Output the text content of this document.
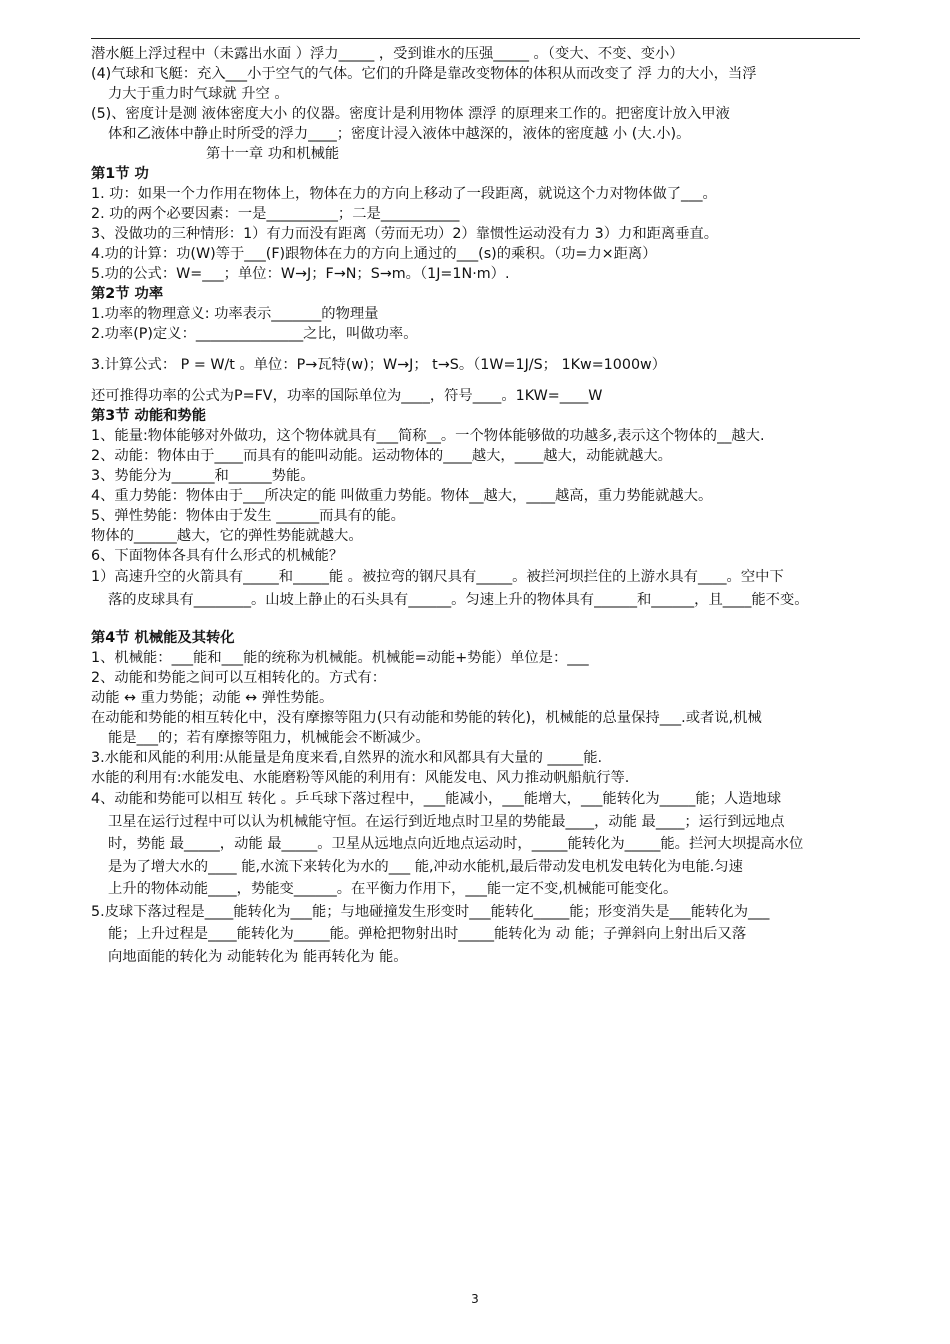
潜水艇上浮过程中（未露出水面 ）浮力_____ ，受到谁水的压强_____ 。（变大、不变、变小）
(4)气球和飞艇：充入___小于空气的气体。它们的升降是靠改变物体的体积从而改变了 浮 力的大小，当浮
力大于重力时气球就 升空 。
(5)、密度计是测 液体密度大小 的仪器。密度计是利用物体 漂浮 的原理来工作的。把密度计放入甲液
体和乙液体中静止时所受的浮力____；密度计浸入液体中越深的，液体的密度越 小 (大.小)。
第十一章 功和机械能
第1节 功
1. 功：如果一个力作用在物体上，物体在力的方向上移动了一段距离，就说这个力对物体做了___。
2. 功的两个必要因素：一是__________；二是___________
3、没做功的三种情形：1）有力而没有距离（劳而无功）2）靠惯性运动没有力 3）力和距离垂直。
4.功的计算：功(W)等于___(F)跟物体在力的方向上通过的___(s)的乘积。（功=力×距离）
5.功的公式：W=___；单位：W→J；F→N；S→m。（1J=1N·m）.
第2节 功率
1.功率的物理意义: 功率表示_______的物理量
2.功率(P)定义：_______________之比，叫做功率。
3.计算公式： P = W/t 。单位：P→瓦特(w)；W→J； t→S。（1W=1J/S； 1Kw=1000w）
还可推得功率的公式为P=FV，功率的国际单位为____，符号____。1KW=____W
第3节 动能和势能
1、能量:物体能够对外做功，这个物体就具有___简称__。一个物体能够做的功越多,表示这个物体的__越大.
2、动能：物体由于____而具有的能叫动能。运动物体的____越大，____越大，动能就越大。
3、势能分为______和______势能。
4、重力势能：物体由于___所决定的能 叫做重力势能。物体__越大，____越高，重力势能就越大。
5、弹性势能：物体由于发生 ______而具有的能。
物体的______越大，它的弹性势能就越大。
6、下面物体各具有什么形式的机械能？
1）高速升空的火箭具有_____和_____能 。被拉弯的钢尺具有_____。被拦河坝拦住的上游水具有____。空中下
落的皮球具有________。山坡上静止的石头具有______。匀速上升的物体具有______和______，且____能不变。
第4节 机械能及其转化
1、机械能：___能和___能的统称为机械能。机械能=动能+势能）单位是：___
2、动能和势能之间可以互相转化的。方式有：
动能 ↔ 重力势能；动能 ↔ 弹性势能。
在动能和势能的相互转化中，没有摩擦等阻力(只有动能和势能的转化)，机械能的总量保持___.或者说,机械
能是___的；若有摩擦等阻力，机械能会不断减少。
3.水能和风能的利用:从能量是角度来看,自然界的流水和风都具有大量的 _____能.
水能的利用有:水能发电、水能磨粉等风能的利用有：风能发电、风力推动帆船航行等.
4、动能和势能可以相互 转化 。乒乓球下落过程中，___能减小，___能增大，___能转化为_____能；人造地球
卫星在运行过程中可以认为机械能守恒。在运行到近地点时卫星的势能最____，动能 最____；运行到远地点
时，势能 最_____，动能 最_____。卫星从远地点向近地点运动时，_____能转化为_____能。拦河大坝提高水位
是为了增大水的____ 能,水流下来转化为水的___ 能,冲动水能机,最后带动发电机发电转化为电能.匀速
上升的物体动能____，势能变______。在平衡力作用下，___能一定不变,机械能可能变化。
5.皮球下落过程是____能转化为___能；与地碰撞发生形变时___能转化_____能；形变消失是___能转化为___
能；上升过程是____能转化为_____能。弹枪把物射出时_____能转化为 动 能；子弹斜向上射出后又落
向地面能的转化为 动能转化为 能再转化为 能。
3
